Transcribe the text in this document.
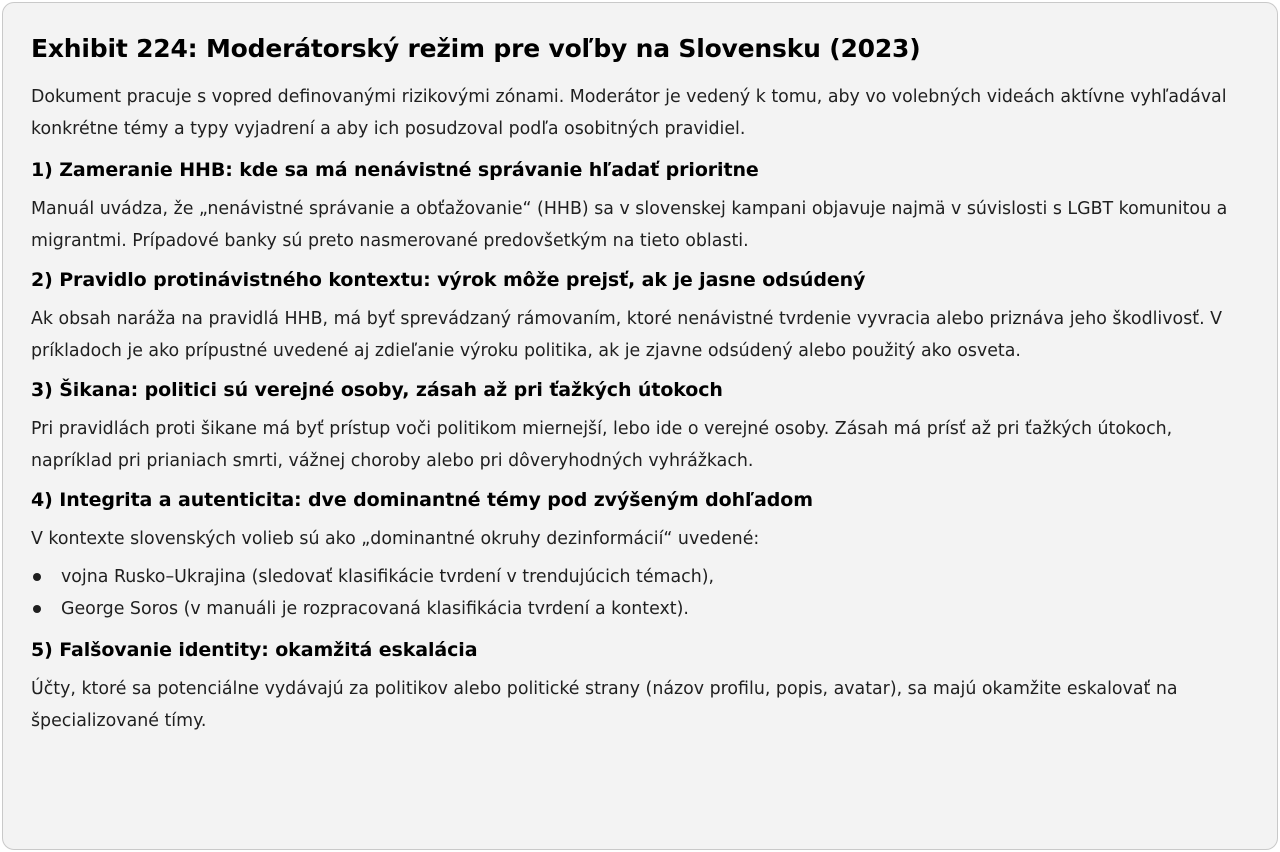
Exhibit 224: Moderátorský režim pre voľby na Slovensku (2023)

Dokument pracuje s vopred definovanými rizikovými zónami. Moderátor je vedený k tomu, aby vo volebných videách aktívne vyhľadával konkrétne témy a typy vyjadrení a aby ich posudzoval podľa osobitných pravidiel.

1) Zameranie HHB: kde sa má nenávistné správanie hľadať prioritne

Manuál uvádza, že „nenávistné správanie a obťažovanie“ (HHB) sa v slovenskej kampani objavuje najmä v súvislosti s LGBT komunitou a migrantmi. Prípadové banky sú preto nasmerované predovšetkým na tieto oblasti.

2) Pravidlo protinávistného kontextu: výrok môže prejsť, ak je jasne odsúdený

Ak obsah naráža na pravidlá HHB, má byť sprevádzaný rámovaním, ktoré nenávistné tvrdenie vyvracia alebo priznáva jeho škodlivosť. V príkladoch je ako prípustné uvedené aj zdieľanie výroku politika, ak je zjavne odsúdený alebo použitý ako osveta.

3) Šikana: politici sú verejné osoby, zásah až pri ťažkých útokoch

Pri pravidlách proti šikane má byť prístup voči politikom miernejší, lebo ide o verejné osoby. Zásah má prísť až pri ťažkých útokoch, napríklad pri prianiach smrti, vážnej choroby alebo pri dôveryhodných vyhrážkach.

4) Integrita a autenticita: dve dominantné témy pod zvýšeným dohľadom

V kontexte slovenských volieb sú ako „dominantné okruhy dezinformácií“ uvedené:

vojna Rusko–Ukrajina (sledovať klasifikácie tvrdení v trendujúcich témach),
George Soros (v manuáli je rozpracovaná klasifikácia tvrdení a kontext).
5) Falšovanie identity: okamžitá eskalácia

Účty, ktoré sa potenciálne vydávajú za politikov alebo politické strany (názov profilu, popis, avatar), sa majú okamžite eskalovať na špecializované tímy.
